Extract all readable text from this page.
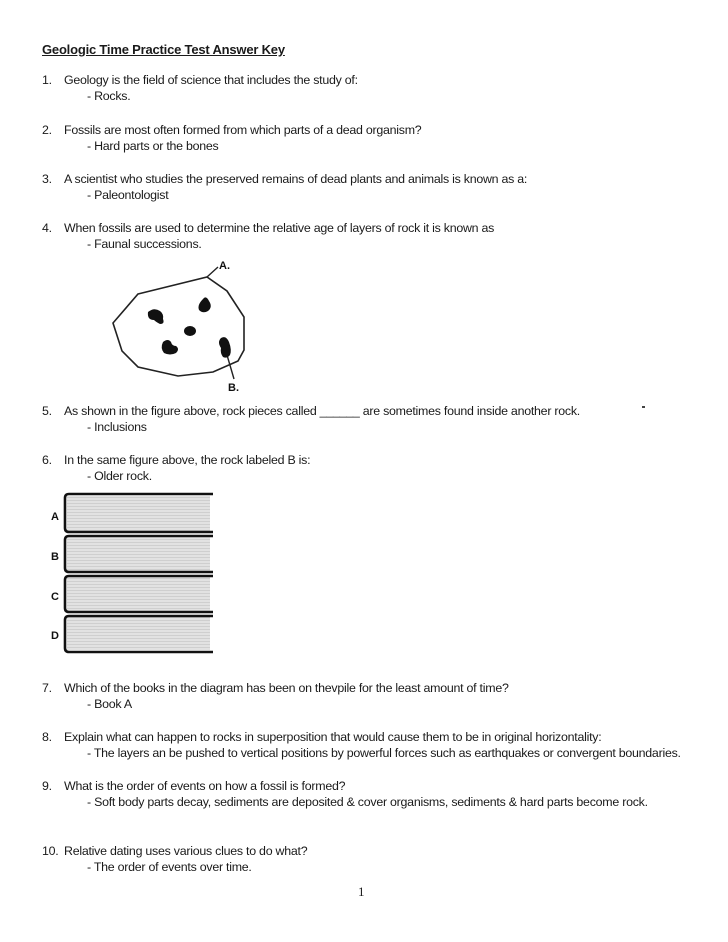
Geologic Time Practice Test Answer Key
1. Geology is the field of science that includes the study of:
- Rocks.
2. Fossils are most often formed from which parts of a dead organism?
- Hard parts or the bones
3. A scientist who studies the preserved remains of dead plants and animals is known as a:
- Paleontologist
4. When fossils are used to determine the relative age of layers of rock it is known as
- Faunal successions.
A.
B.
5. As shown in the figure above, rock pieces called ______ are sometimes found inside another rock.
- Inclusions
6. In the same figure above, the rock labeled B is:
- Older rock.
A
B
C
D
7. Which of the books in the diagram has been on thevpile for the least amount of time?
- Book A
8. Explain what can happen to rocks in superposition that would cause them to be in original horizontality:
- The layers an be pushed to vertical positions by powerful forces such as earthquakes or convergent boundaries.
9. What is the order of events on how a fossil is formed?
- Soft body parts decay, sediments are deposited & cover organisms, sediments & hard parts become rock.
10. Relative dating uses various clues to do what?
- The order of events over time.
1
